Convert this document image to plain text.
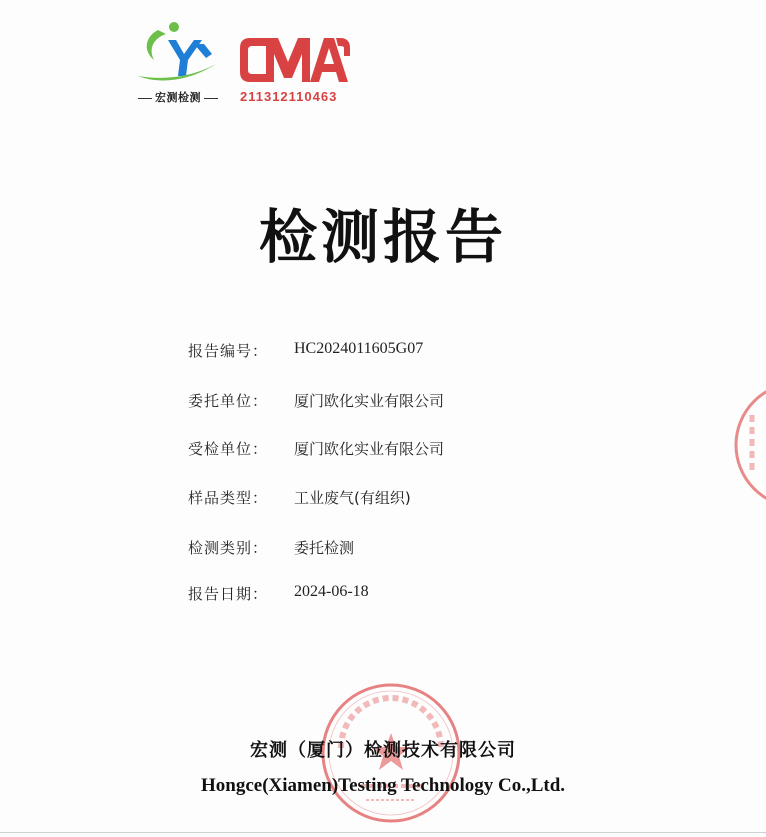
宏测检测	211312110463
检测报告
报告编号： HC2024011605G07
委托单位： 厦门欧化实业有限公司
受检单位： 厦门欧化实业有限公司
样品类型： 工业废气(有组织)
检测类别： 委托检测
报告日期： 2024-06-18
宏测（厦门）检测技术有限公司
Hongce(Xiamen)Testing Technology Co.,Ltd.
